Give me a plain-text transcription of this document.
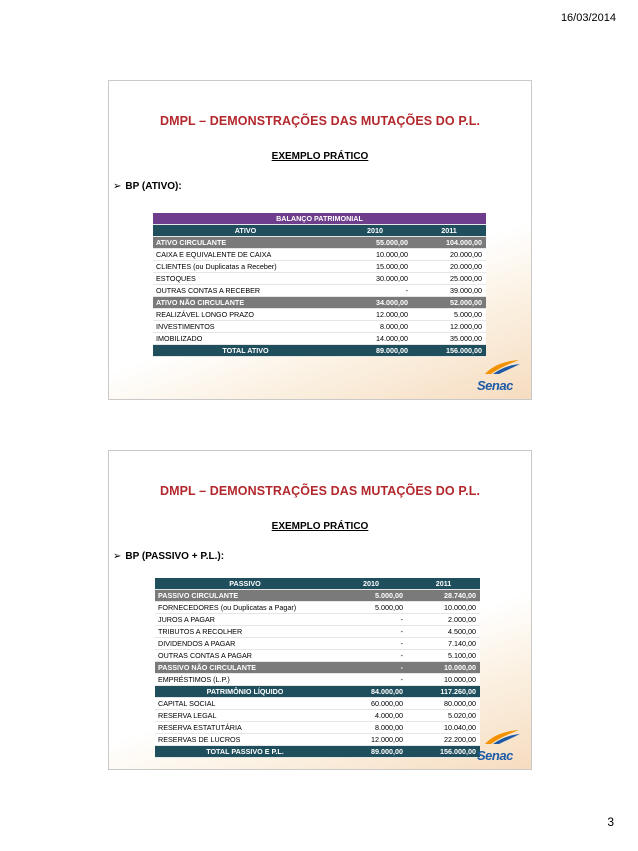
16/03/2014
DMPL – DEMONSTRAÇÕES DAS MUTAÇÕES DO P.L.
EXEMPLO PRÁTICO
➢ BP (ATIVO):
BALANÇO PATRIMONIAL		
ATIVO	2010	2011
ATIVO CIRCULANTE	55.000,00	104.000,00
CAIXA E EQUIVALENTE DE CAIXA	10.000,00	20.000,00
CLIENTES (ou Duplicatas a Receber)	15.000,00	20.000,00
ESTOQUES	30.000,00	25.000,00
OUTRAS CONTAS A RECEBER	-	39.000,00
ATIVO NÃO CIRCULANTE	34.000,00	52.000,00
REALIZÁVEL LONGO PRAZO	12.000,00	5.000,00
INVESTIMENTOS	8.000,00	12.000,00
IMOBILIZADO	14.000,00	35.000,00
TOTAL ATIVO	89.000,00	156.000,00
Senac
DMPL – DEMONSTRAÇÕES DAS MUTAÇÕES DO P.L.
EXEMPLO PRÁTICO
➢ BP (PASSIVO + P.L.):
PASSIVO	2010	2011
PASSIVO CIRCULANTE	5.000,00	28.740,00
FORNECEDORES (ou Duplicatas a Pagar)	5.000,00	10.000,00
JUROS A PAGAR	-	2.000,00
TRIBUTOS A RECOLHER	-	4.500,00
DIVIDENDOS A PAGAR	-	7.140,00
OUTRAS CONTAS A PAGAR	-	5.100,00
PASSIVO NÃO CIRCULANTE	-	10.000,00
EMPRÉSTIMOS (L.P.)	-	10.000,00
PATRIMÔNIO LÍQUIDO	84.000,00	117.260,00
CAPITAL SOCIAL	60.000,00	80.000,00
RESERVA LEGAL	4.000,00	5.020,00
RESERVA ESTATUTÁRIA	8.000,00	10.040,00
RESERVAS DE LUCROS	12.000,00	22.200,00
TOTAL PASSIVO E P.L.	89.000,00	156.000,00 Senac
3
